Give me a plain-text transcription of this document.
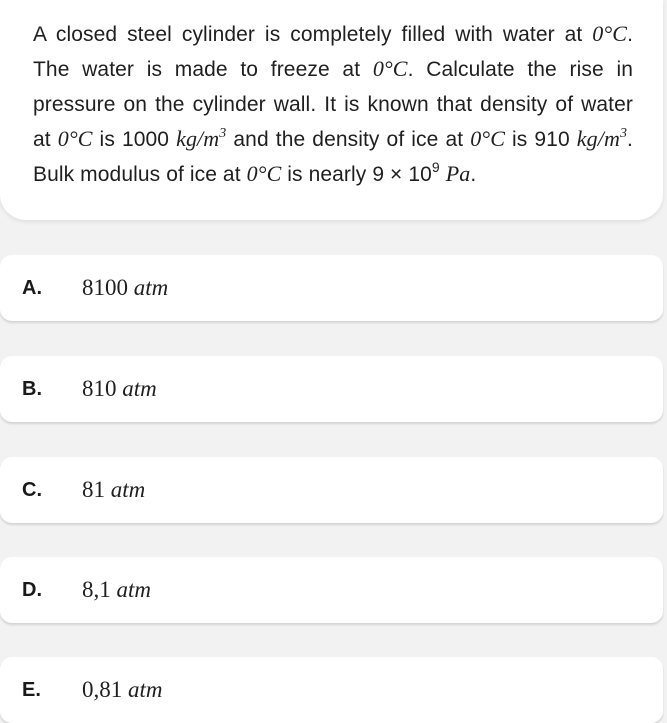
A closed steel cylinder is completely filled with water at 0°C. The water is made to freeze at 0°C. Calculate the rise in pressure on the cylinder wall. It is known that density of water at 0°C is 1000 $kg/m^3$ and the density of ice at 0°C is 910 $kg/m^3$. Bulk modulus of ice at 0°C is nearly $9 \times 10^9$ Pa.
A. 8100 atm
B. 810 atm
C. 81 atm
D. 8,1 atm
E. 0,81 atm
